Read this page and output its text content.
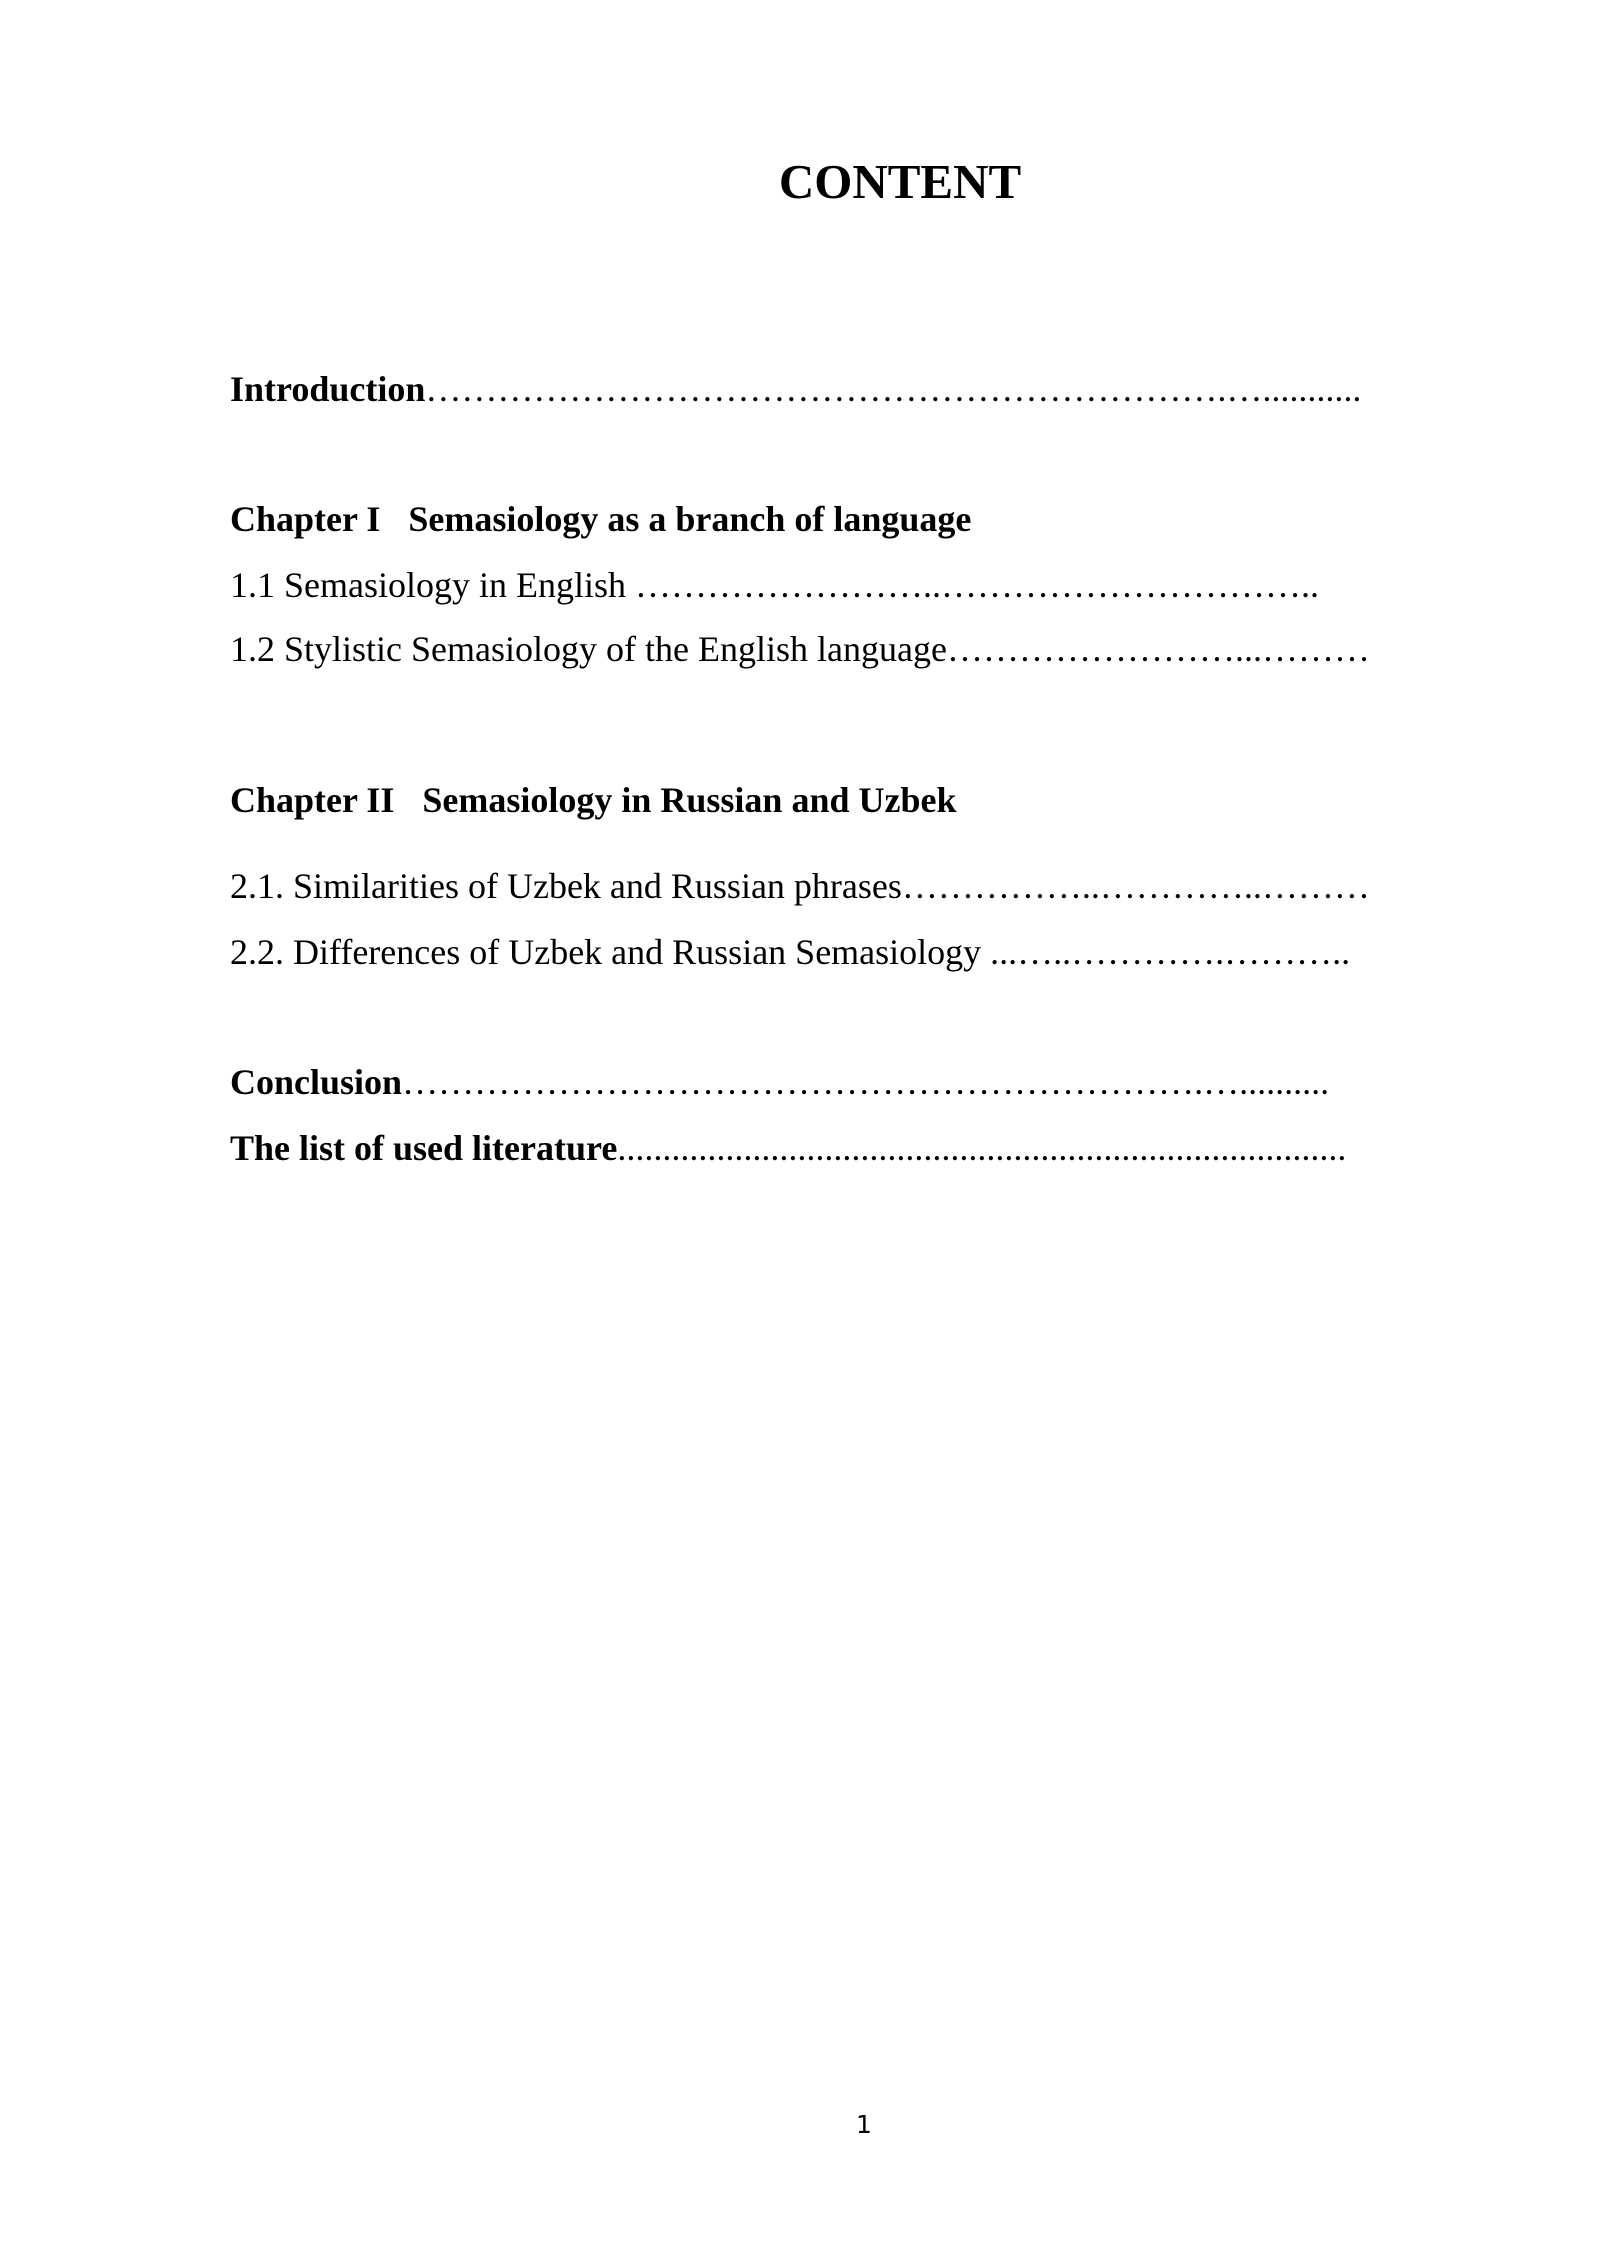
CONTENT
Introduction………………………………………………………….…...........
Chapter I Semasiology as a branch of language
1.1 Semasiology in English ……………………..…………………………..
1.2 Stylistic Semasiology of the English language……………………...………
Chapter II Semasiology in Russian and Uzbek
2.1. Similarities of Uzbek and Russian phrases……………..…………..………
2.2. Differences of Uzbek and Russian Semasiology ...…..………….………..
Conclusion………………………………………………………….…..........
The list of used literature.................................................................................
1
